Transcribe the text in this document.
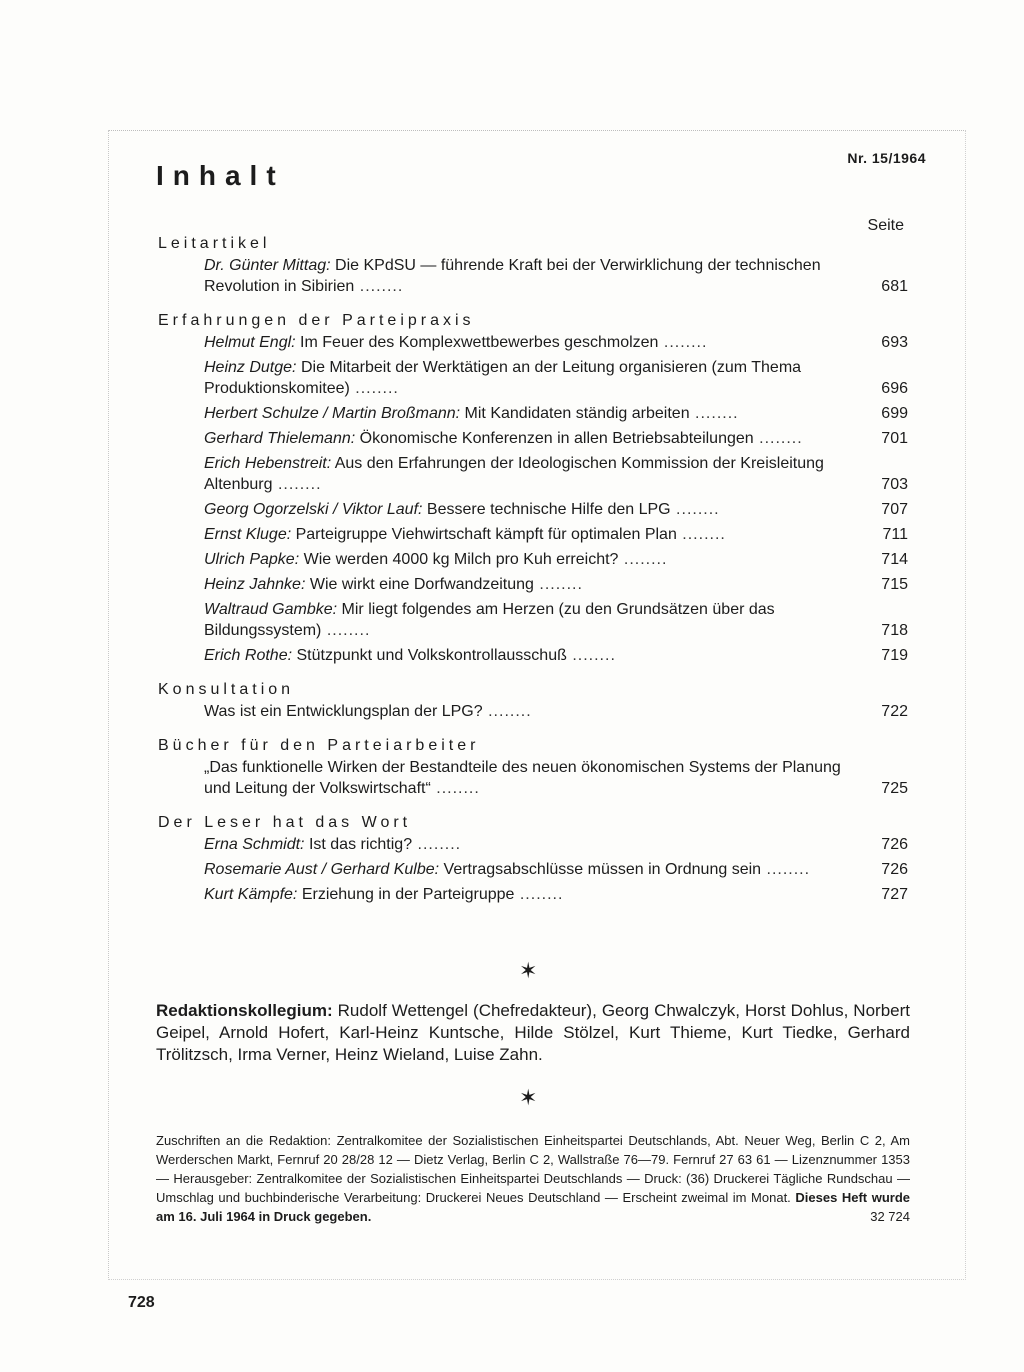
Inhalt
Nr. 15/1964
Seite
Leitartikel
Dr. Günter Mittag: Die KPdSU — führende Kraft bei der Verwirklichung der technischen Revolution in Sibirien ........	681
Erfahrungen der Parteipraxis
Helmut Engl: Im Feuer des Komplexwettbewerbes geschmolzen ........	693
Heinz Dutge: Die Mitarbeit der Werktätigen an der Leitung organisieren (zum Thema Produktionskomitee) ........	696
Herbert Schulze / Martin Broßmann: Mit Kandidaten ständig arbeiten ........	699
Gerhard Thielemann: Ökonomische Konferenzen in allen Betriebsabteilungen ........	701
Erich Hebenstreit: Aus den Erfahrungen der Ideologischen Kommission der Kreisleitung Altenburg ........	703
Georg Ogorzelski / Viktor Lauf: Bessere technische Hilfe den LPG ........	707
Ernst Kluge: Parteigruppe Viehwirtschaft kämpft für optimalen Plan ........	711
Ulrich Papke: Wie werden 4000 kg Milch pro Kuh erreicht? ........	714
Heinz Jahnke: Wie wirkt eine Dorfwandzeitung ........	715
Waltraud Gambke: Mir liegt folgendes am Herzen (zu den Grundsätzen über das Bildungssystem) ........	718
Erich Rothe: Stützpunkt und Volkskontrollausschuß ........	719
Konsultation
Was ist ein Entwicklungsplan der LPG? ........	722
Bücher für den Parteiarbeiter
„Das funktionelle Wirken der Bestandteile des neuen ökonomischen Systems der Planung und Leitung der Volkswirtschaft“ ........	725
Der Leser hat das Wort
Erna Schmidt: Ist das richtig? ........	726
Rosemarie Aust / Gerhard Kulbe: Vertragsabschlüsse müssen in Ordnung sein ........	726
Kurt Kämpfe: Erziehung in der Parteigruppe ........	727
✶
Redaktionskollegium: Rudolf Wettengel (Chefredakteur), Georg Chwalczyk, Horst Dohlus, Norbert Geipel, Arnold Hofert, Karl-Heinz Kuntsche, Hilde Stölzel, Kurt Thieme, Kurt Tiedke, Gerhard Trölitzsch, Irma Verner, Heinz Wieland, Luise Zahn.
✶
Zuschriften an die Redaktion: Zentralkomitee der Sozialistischen Einheitspartei Deutschlands, Abt. Neuer Weg, Berlin C 2, Am Werderschen Markt, Fernruf 20 28/28 12 — Dietz Verlag, Berlin C 2, Wallstraße 76—79. Fernruf 27 63 61 — Lizenznummer 1353 — Herausgeber: Zentralkomitee der Sozialistischen Einheitspartei Deutschlands — Druck: (36) Druckerei Tägliche Rundschau — Umschlag und buchbinderische Verarbeitung: Druckerei Neues Deutschland — Erscheint zweimal im Monat. Dieses Heft wurde am 16. Juli 1964 in Druck gegeben.	32 724
728
